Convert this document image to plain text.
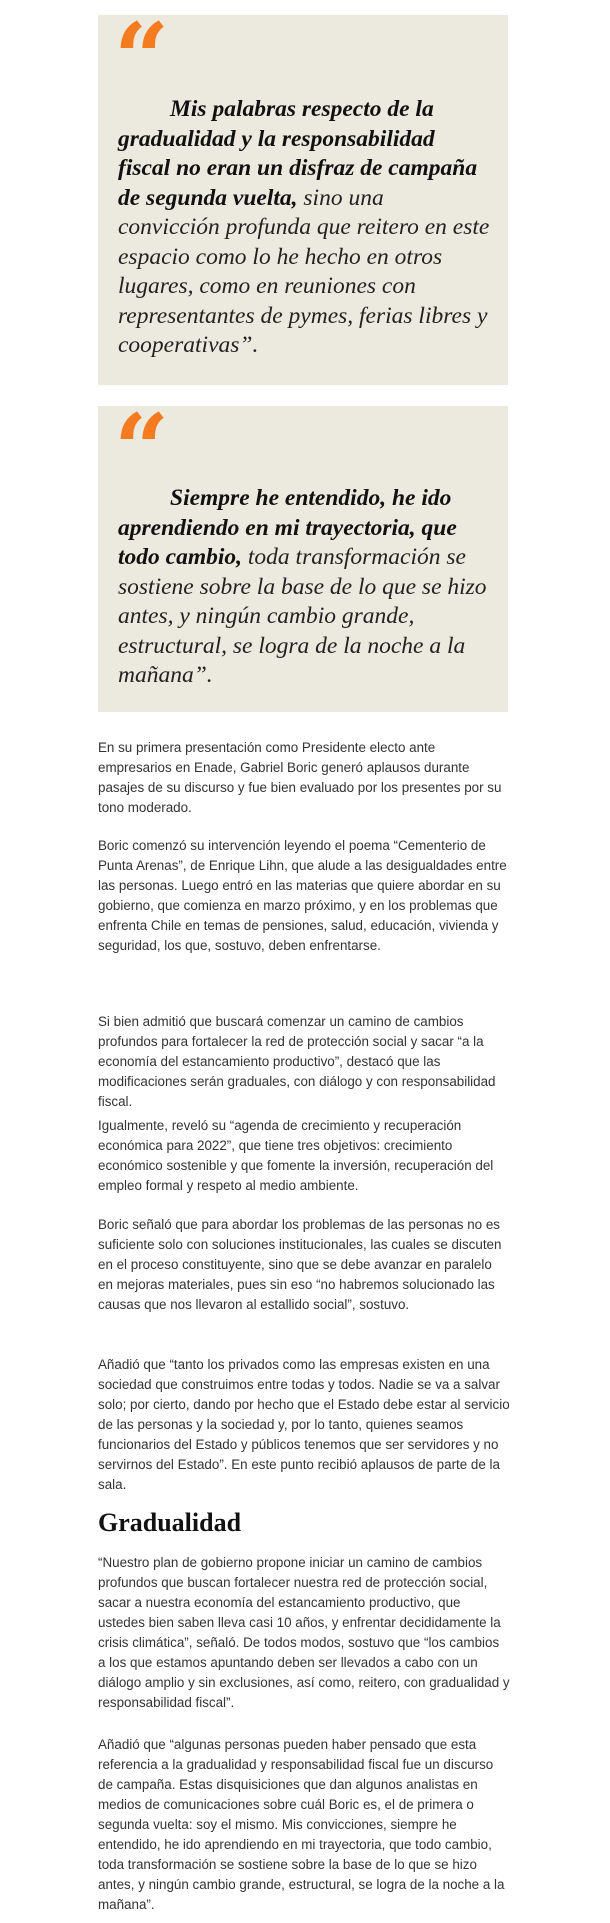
“ Mis palabras respecto de la gradualidad y la responsabilidad fiscal no eran un disfraz de campaña de segunda vuelta, sino una convicción profunda que reitero en este espacio como lo he hecho en otros lugares, como en reuniones con representantes de pymes, ferias libres y cooperativas”.

“ Siempre he entendido, he ido aprendiendo en mi trayectoria, que todo cambio, toda transformación se sostiene sobre la base de lo que se hizo antes, y ningún cambio grande, estructural, se logra de la noche a la mañana”.

En su primera presentación como Presidente electo ante empresarios en Enade, Gabriel Boric generó aplausos durante pasajes de su discurso y fue bien evaluado por los presentes por su tono moderado.

Boric comenzó su intervención leyendo el poema “Cementerio de Punta Arenas”, de Enrique Lihn, que alude a las desigualdades entre las personas. Luego entró en las materias que quiere abordar en su gobierno, que comienza en marzo próximo, y en los problemas que enfrenta Chile en temas de pensiones, salud, educación, vivienda y seguridad, los que, sostuvo, deben enfrentarse.

Si bien admitió que buscará comenzar un camino de cambios profundos para fortalecer la red de protección social y sacar “a la economía del estancamiento productivo”, destacó que las modificaciones serán graduales, con diálogo y con responsabilidad fiscal.

Igualmente, reveló su “agenda de crecimiento y recuperación económica para 2022”, que tiene tres objetivos: crecimiento económico sostenible y que fomente la inversión, recuperación del empleo formal y respeto al medio ambiente.

Boric señaló que para abordar los problemas de las personas no es suficiente solo con soluciones institucionales, las cuales se discuten en el proceso constituyente, sino que se debe avanzar en paralelo en mejoras materiales, pues sin eso “no habremos solucionado las causas que nos llevaron al estallido social”, sostuvo.

Añadió que “tanto los privados como las empresas existen en una sociedad que construimos entre todas y todos. Nadie se va a salvar solo; por cierto, dando por hecho que el Estado debe estar al servicio de las personas y la sociedad y, por lo tanto, quienes seamos funcionarios del Estado y públicos tenemos que ser servidores y no servirnos del Estado”. En este punto recibió aplausos de parte de la sala.

Gradualidad

“Nuestro plan de gobierno propone iniciar un camino de cambios profundos que buscan fortalecer nuestra red de protección social, sacar a nuestra economía del estancamiento productivo, que ustedes bien saben lleva casi 10 años, y enfrentar decididamente la crisis climática”, señaló. De todos modos, sostuvo que “los cambios a los que estamos apuntando deben ser llevados a cabo con un diálogo amplio y sin exclusiones, así como, reitero, con gradualidad y responsabilidad fiscal”.

Añadió que “algunas personas pueden haber pensado que esta referencia a la gradualidad y responsabilidad fiscal fue un discurso de campaña. Estas disquisiciones que dan algunos analistas en medios de comunicaciones sobre cuál Boric es, el de primera o segunda vuelta: soy el mismo. Mis convicciones, siempre he entendido, he ido aprendiendo en mi trayectoria, que todo cambio, toda transformación se sostiene sobre la base de lo que se hizo antes, y ningún cambio grande, estructural, se logra de la noche a la mañana”.
